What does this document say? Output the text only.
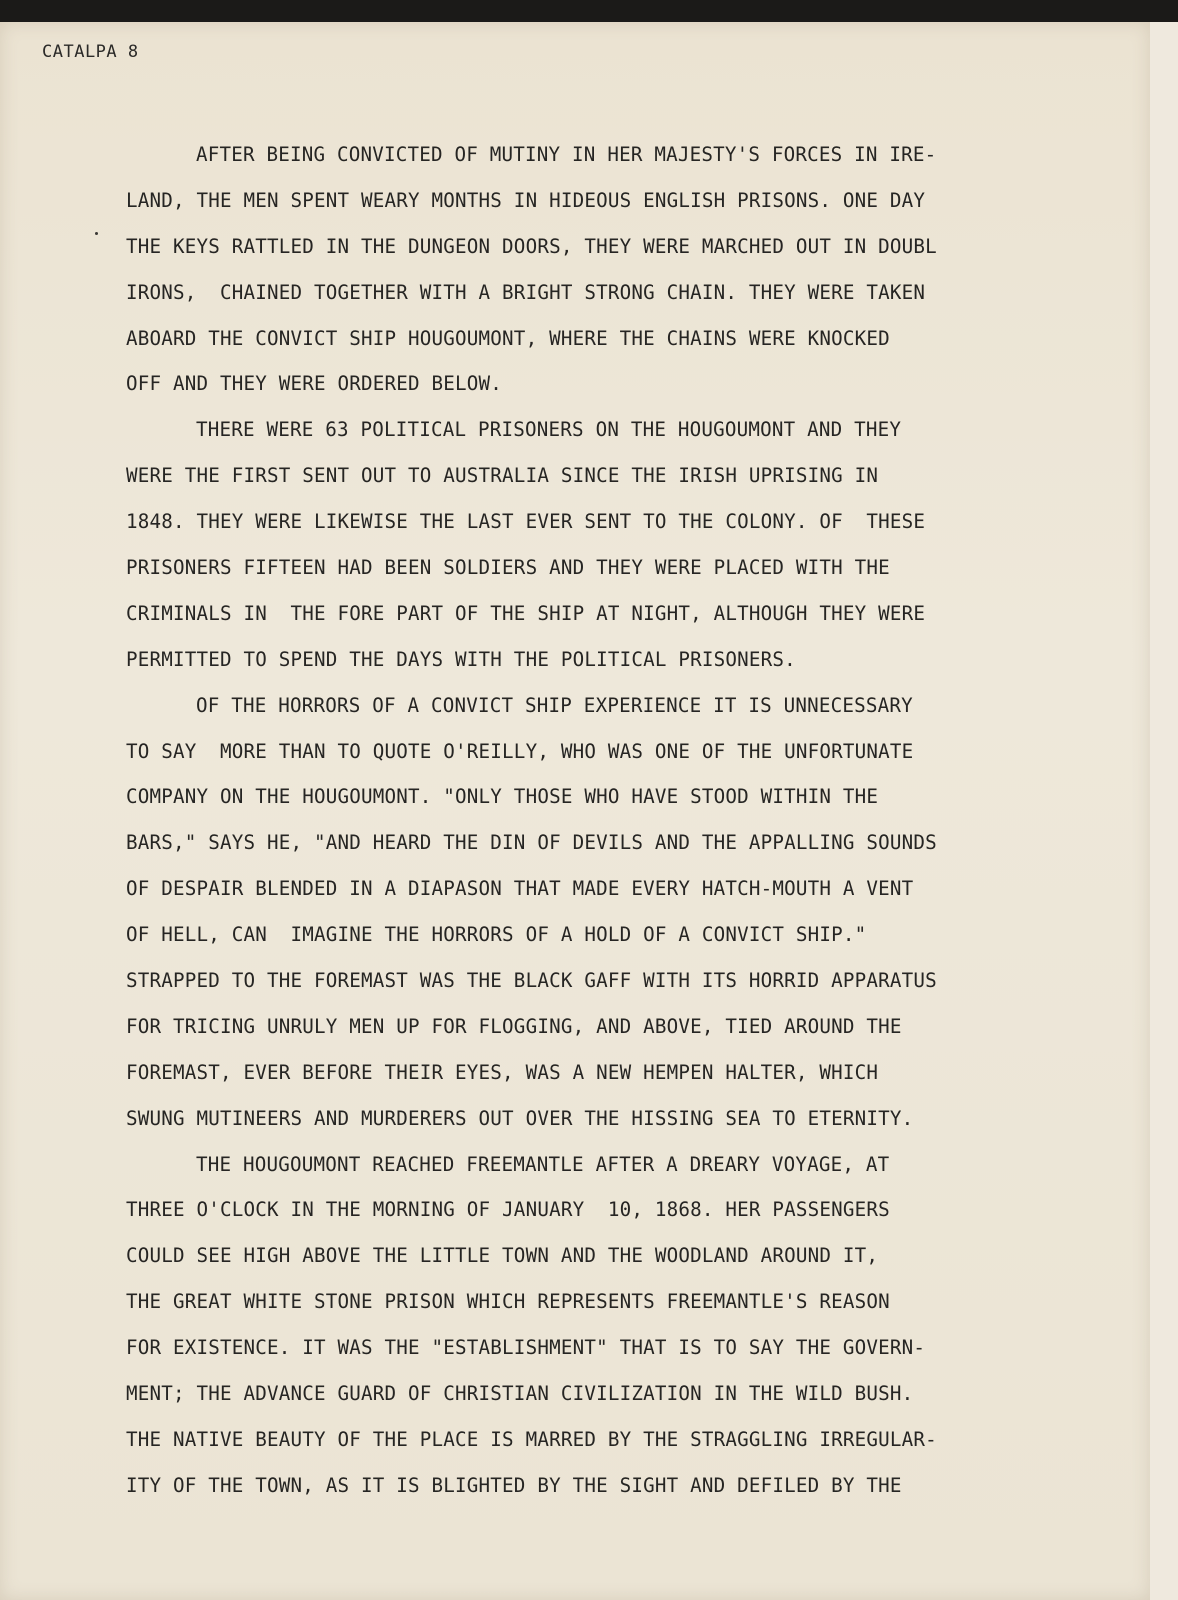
CATALPA 8
AFTER BEING CONVICTED OF MUTINY IN HER MAJESTY'S FORCES IN IRE-
LAND, THE MEN SPENT WEARY MONTHS IN HIDEOUS ENGLISH PRISONS. ONE DAY
THE KEYS RATTLED IN THE DUNGEON DOORS, THEY WERE MARCHED OUT IN DOUBL
IRONS,  CHAINED TOGETHER WITH A BRIGHT STRONG CHAIN. THEY WERE TAKEN
ABOARD THE CONVICT SHIP HOUGOUMONT, WHERE THE CHAINS WERE KNOCKED
OFF AND THEY WERE ORDERED BELOW.
THERE WERE 63 POLITICAL PRISONERS ON THE HOUGOUMONT AND THEY
WERE THE FIRST SENT OUT TO AUSTRALIA SINCE THE IRISH UPRISING IN
1848. THEY WERE LIKEWISE THE LAST EVER SENT TO THE COLONY. OF  THESE
PRISONERS FIFTEEN HAD BEEN SOLDIERS AND THEY WERE PLACED WITH THE
CRIMINALS IN  THE FORE PART OF THE SHIP AT NIGHT, ALTHOUGH THEY WERE
PERMITTED TO SPEND THE DAYS WITH THE POLITICAL PRISONERS.
OF THE HORRORS OF A CONVICT SHIP EXPERIENCE IT IS UNNECESSARY
TO SAY  MORE THAN TO QUOTE O'REILLY, WHO WAS ONE OF THE UNFORTUNATE
COMPANY ON THE HOUGOUMONT. "ONLY THOSE WHO HAVE STOOD WITHIN THE
BARS," SAYS HE, "AND HEARD THE DIN OF DEVILS AND THE APPALLING SOUNDS
OF DESPAIR BLENDED IN A DIAPASON THAT MADE EVERY HATCH-MOUTH A VENT
OF HELL, CAN  IMAGINE THE HORRORS OF A HOLD OF A CONVICT SHIP."
STRAPPED TO THE FOREMAST WAS THE BLACK GAFF WITH ITS HORRID APPARATUS
FOR TRICING UNRULY MEN UP FOR FLOGGING, AND ABOVE, TIED AROUND THE
FOREMAST, EVER BEFORE THEIR EYES, WAS A NEW HEMPEN HALTER, WHICH
SWUNG MUTINEERS AND MURDERERS OUT OVER THE HISSING SEA TO ETERNITY.
THE HOUGOUMONT REACHED FREEMANTLE AFTER A DREARY VOYAGE, AT
THREE O'CLOCK IN THE MORNING OF JANUARY  10, 1868. HER PASSENGERS
COULD SEE HIGH ABOVE THE LITTLE TOWN AND THE WOODLAND AROUND IT,
THE GREAT WHITE STONE PRISON WHICH REPRESENTS FREEMANTLE'S REASON
FOR EXISTENCE. IT WAS THE "ESTABLISHMENT" THAT IS TO SAY THE GOVERN-
MENT; THE ADVANCE GUARD OF CHRISTIAN CIVILIZATION IN THE WILD BUSH.
THE NATIVE BEAUTY OF THE PLACE IS MARRED BY THE STRAGGLING IRREGULAR-
ITY OF THE TOWN, AS IT IS BLIGHTED BY THE SIGHT AND DEFILED BY THE
